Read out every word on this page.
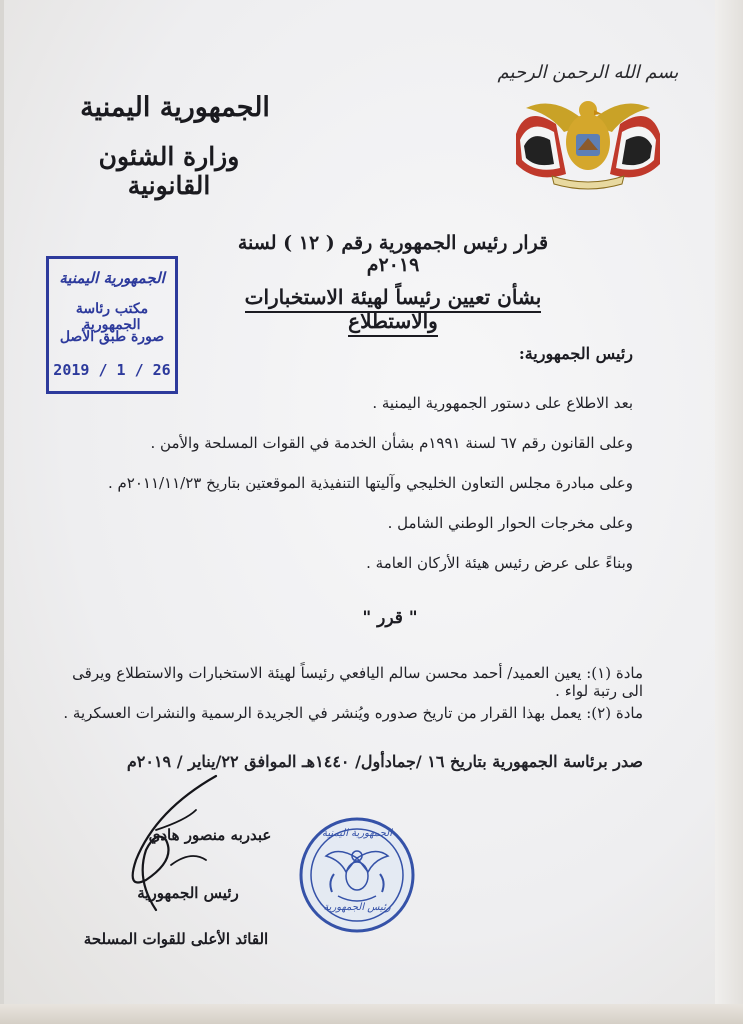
الجمهورية اليمنية
وزارة الشئون القانونية
بسم الله الرحمن الرحيم
قرار رئيس الجمهورية رقم ( ١٢ ) لسنة ٢٠١٩م
بشأن تعيين رئيساً لهيئة الاستخبارات والاستطلاع
الجمهورية اليمنية
مكتب رئاسة الجمهورية
صورة طبق الأصل
2019 / 1 / 26
رئيس الجمهورية:
بعد الاطلاع على دستور الجمهورية اليمنية .
وعلى القانون رقم ٦٧ لسنة ١٩٩١م بشأن الخدمة في القوات المسلحة والأمن .
وعلى مبادرة مجلس التعاون الخليجي وآليتها التنفيذية الموقعتين بتاريخ ٢٠١١/١١/٢٣م .
وعلى مخرجات الحوار الوطني الشامل .
وبناءً على عرض رئيس هيئة الأركان العامة .
" قرر "
مادة (١): يعين العميد/ أحمد محسن سالم اليافعي رئيساً لهيئة الاستخبارات والاستطلاع ويرقى الى رتبة لواء .
مادة (٢): يعمل بهذا القرار من تاريخ صدوره ويُنشر في الجريدة الرسمية والنشرات العسكرية .
صدر برئاسة الجمهورية بتاريخ ١٦ /جمادأول/ ١٤٤٠هـ الموافق ٢٢/يناير / ٢٠١٩م
عبدربه منصور هادي
رئيس الجمهورية
القائد الأعلى للقوات المسلحة
الجمهورية اليمنية
رئيس الجمهورية
